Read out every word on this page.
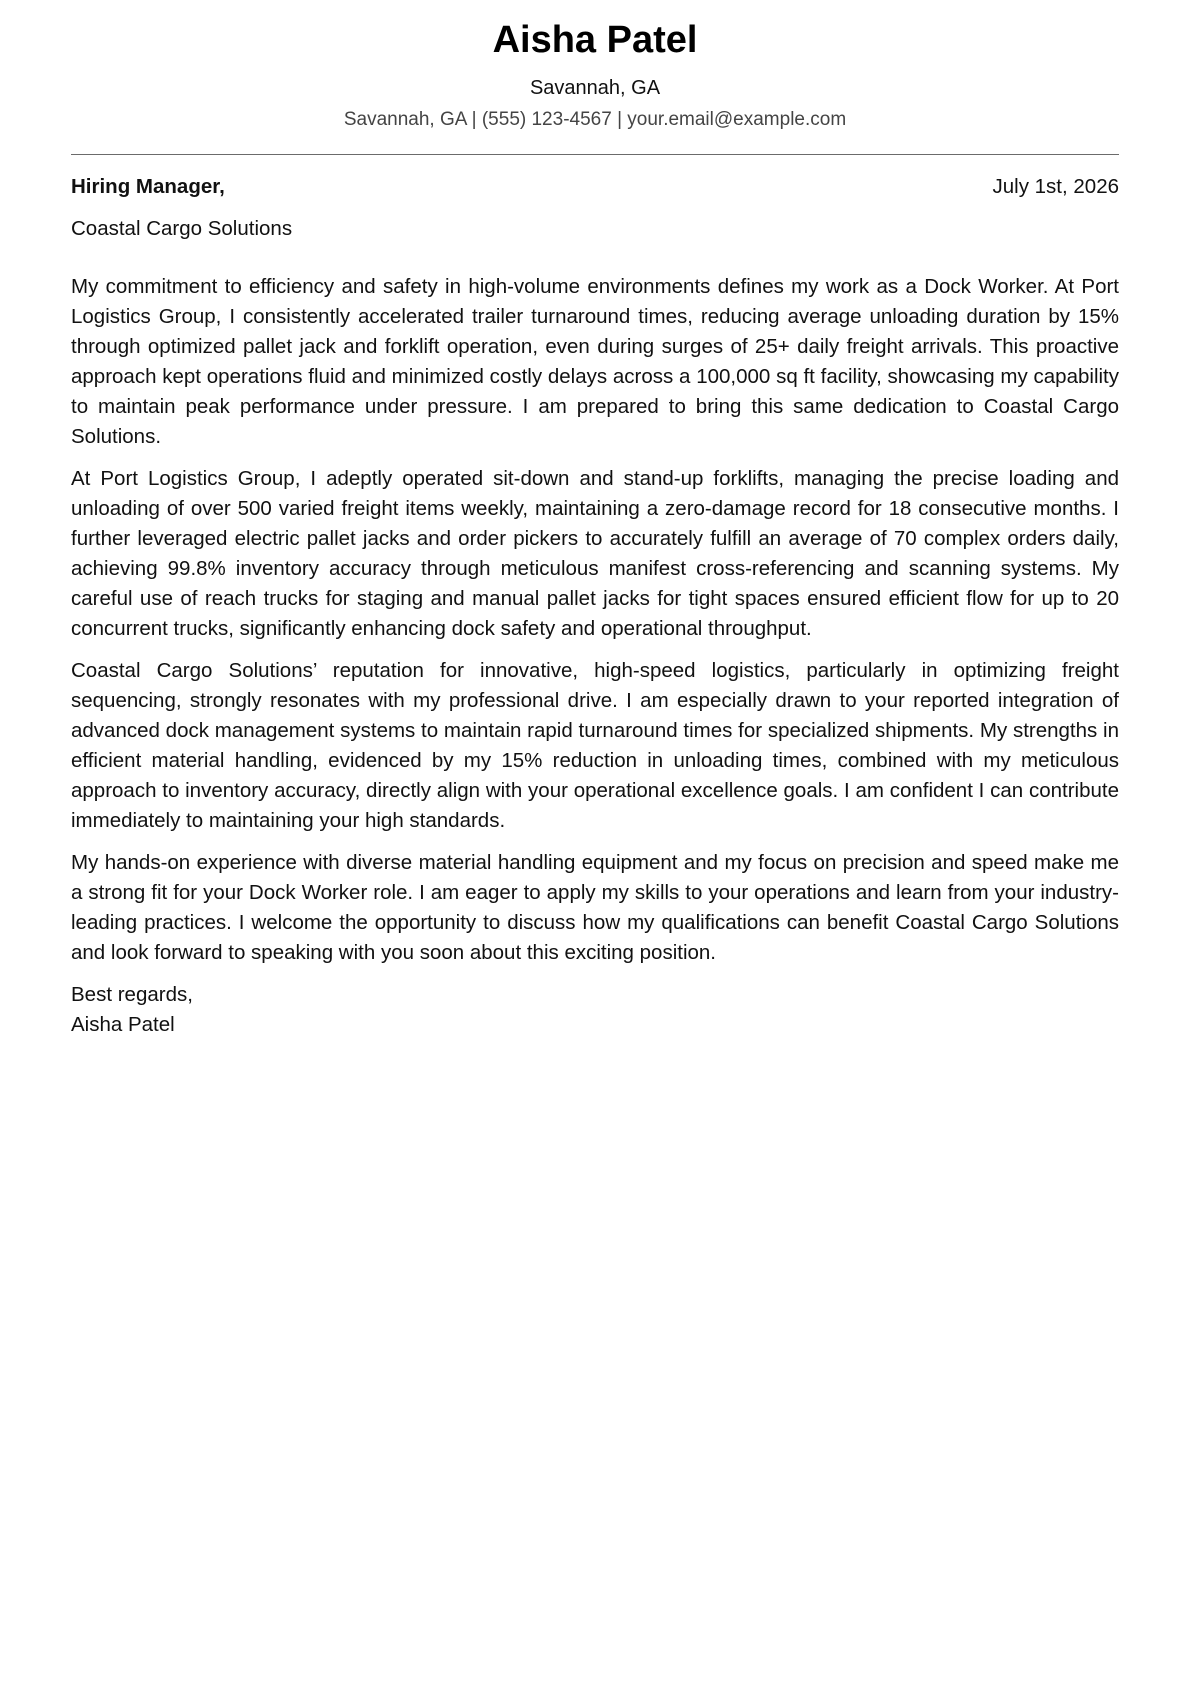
Aisha Patel
Savannah, GA
Savannah, GA | (555) 123-4567 | your.email@example.com
Hiring Manager,	July 1st, 2026
Coastal Cargo Solutions

My commitment to efficiency and safety in high-volume environments defines my work as a Dock Worker. At Port Logistics Group, I consistently accelerated trailer turnaround times, reducing average unloading duration by 15% through optimized pallet jack and forklift operation, even during surges of 25+ daily freight arrivals. This proactive approach kept operations fluid and minimized costly delays across a 100,000 sq ft facility, showcasing my capability to maintain peak performance under pressure. I am prepared to bring this same dedication to Coastal Cargo Solutions.

At Port Logistics Group, I adeptly operated sit-down and stand-up forklifts, managing the precise loading and unloading of over 500 varied freight items weekly, maintaining a zero-damage record for 18 consecutive months. I further leveraged electric pallet jacks and order pickers to accurately fulfill an average of 70 complex orders daily, achieving 99.8% inventory accuracy through meticulous manifest cross-referencing and scanning systems. My careful use of reach trucks for staging and manual pallet jacks for tight spaces ensured efficient flow for up to 20 concurrent trucks, significantly enhancing dock safety and operational throughput.

Coastal Cargo Solutions’ reputation for innovative, high-speed logistics, particularly in optimizing freight sequencing, strongly resonates with my professional drive. I am especially drawn to your reported integration of advanced dock management systems to maintain rapid turnaround times for specialized shipments. My strengths in efficient material handling, evidenced by my 15% reduction in unloading times, combined with my meticulous approach to inventory accuracy, directly align with your operational excellence goals. I am confident I can contribute immediately to maintaining your high standards.

My hands-on experience with diverse material handling equipment and my focus on precision and speed make me a strong fit for your Dock Worker role. I am eager to apply my skills to your operations and learn from your industry-leading practices. I welcome the opportunity to discuss how my qualifications can benefit Coastal Cargo Solutions and look forward to speaking with you soon about this exciting position.

Best regards,
Aisha Patel
